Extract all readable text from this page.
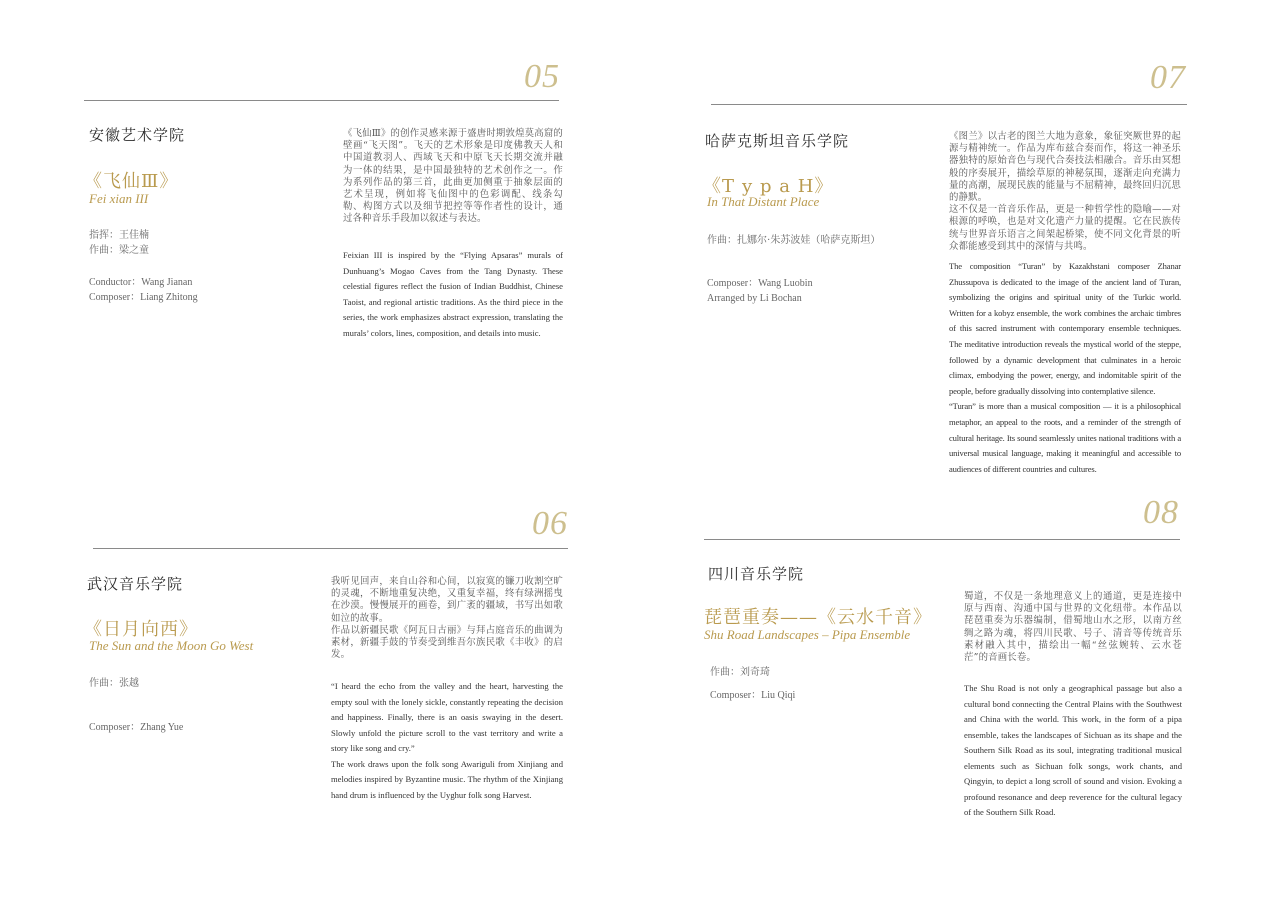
05
安徽艺术学院
《飞仙Ⅲ》
Fei xian III
指挥：王佳楠
作曲：梁之童
Conductor：Wang Jianan
Composer：Liang Zhitong

《飞仙Ⅲ》的创作灵感来源于盛唐时期敦煌莫高窟的壁画“飞天图”。飞天的艺术形象是印度佛教天人和中国道教羽人、西域飞天和中原飞天长期交流并融为一体的结果，是中国最独特的艺术创作之一。作为系列作品的第三首，此曲更加侧重于抽象层面的艺术呈现，例如将飞仙图中的色彩调配、线条勾勒、构图方式以及细节把控等等作者性的设计，通过各种音乐手段加以叙述与表达。

Feixian III is inspired by the “Flying Apsaras” murals of Dunhuang’s Mogao Caves from the Tang Dynasty. These celestial figures reflect the fusion of Indian Buddhist, Chinese Taoist, and regional artistic traditions. As the third piece in the series, the work emphasizes abstract expression, translating the murals’ colors, lines, composition, and details into music.

06
武汉音乐学院
《日月向西》
The Sun and the Moon Go West
作曲：张越
Composer：Zhang Yue

我听见回声，来自山谷和心间，以寂寞的镰刀收割空旷的灵魂，不断地重复决绝，又重复幸福，终有绿洲摇曳在沙漠。慢慢展开的画卷，到广袤的疆域，书写出如歌如泣的故事。

作品以新疆民歌《阿瓦日古丽》与拜占庭音乐的曲调为素材，新疆手鼓的节奏受到维吾尔族民歌《丰收》的启发。

“I heard the echo from the valley and the heart, harvesting the empty soul with the lonely sickle, constantly repeating the decision and happiness. Finally, there is an oasis swaying in the desert. Slowly unfold the picture scroll to the vast territory and write a story like song and cry.”

The work draws upon the folk song Awariguli from Xinjiang and melodies inspired by Byzantine music. The rhythm of the Xinjiang hand drum is influenced by the Uyghur folk song Harvest.

07
哈萨克斯坦音乐学院
《Т у р а Н》
In That Distant Place
作曲：扎娜尔·朱苏波娃（哈萨克斯坦）
Composer：Wang Luobin
Arranged by Li Bochan

《图兰》以古老的图兰大地为意象，象征突厥世界的起源与精神统一。作品为库布兹合奏而作，将这一神圣乐器独特的原始音色与现代合奏技法相融合。音乐由冥想般的序奏展开，描绘草原的神秘氛围，逐渐走向充满力量的高潮，展现民族的能量与不屈精神，最终回归沉思的静默。

这不仅是一首音乐作品，更是一种哲学性的隐喻——对根源的呼唤，也是对文化遗产力量的提醒。它在民族传统与世界音乐语言之间架起桥梁，使不同文化背景的听众都能感受到其中的深情与共鸣。

The composition “Turan” by Kazakhstani composer Zhanar Zhussupova is dedicated to the image of the ancient land of Turan, symbolizing the origins and spiritual unity of the Turkic world. Written for a kobyz ensemble, the work combines the archaic timbres of this sacred instrument with contemporary ensemble techniques. The meditative introduction reveals the mystical world of the steppe, followed by a dynamic development that culminates in a heroic climax, embodying the power, energy, and indomitable spirit of the people, before gradually dissolving into contemplative silence.

“Turan” is more than a musical composition — it is a philosophical metaphor, an appeal to the roots, and a reminder of the strength of cultural heritage. Its sound seamlessly unites national traditions with a universal musical language, making it meaningful and accessible to audiences of different countries and cultures.

08
四川音乐学院
琵琶重奏——《云水千音》
Shu Road Landscapes – Pipa Ensemble
作曲：刘奇琦
Composer：Liu Qiqi

蜀道，不仅是一条地理意义上的通道，更是连接中原与西南、沟通中国与世界的文化纽带。本作品以琵琶重奏为乐器编制，借蜀地山水之形，以南方丝绸之路为魂，将四川民歌、号子、清音等传统音乐素材融入其中，描绘出一幅“丝弦婉转、云水苍茫”的音画长卷。

The Shu Road is not only a geographical passage but also a cultural bond connecting the Central Plains with the Southwest and China with the world. This work, in the form of a pipa ensemble, takes the landscapes of Sichuan as its shape and the Southern Silk Road as its soul, integrating traditional musical elements such as Sichuan folk songs, work chants, and Qingyin, to depict a long scroll of sound and vision. Evoking a profound resonance and deep reverence for the cultural legacy of the Southern Silk Road.
